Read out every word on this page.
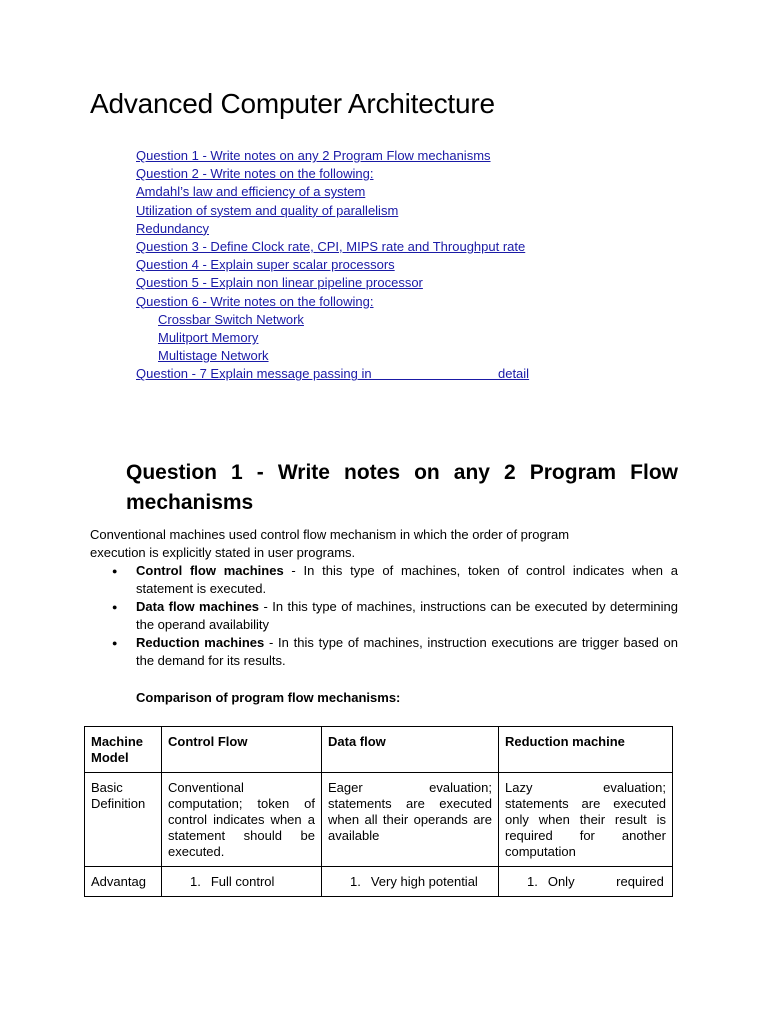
Advanced Computer Architecture
Question 1 - Write notes on any 2 Program Flow mechanisms
Question 2 - Write notes on the following:
Amdahl’s law and efficiency of a system
Utilization of system and quality of parallelism
Redundancy
Question 3 - Define Clock rate, CPI, MIPS rate and Throughput rate
Question 4 - Explain super scalar processors
Question 5 - Explain non linear pipeline processor
Question 6 - Write notes on the following:
Crossbar Switch Network
Mulitport Memory
Multistage Network
Question - 7 Explain message passing in                                   detail
Question 1 - Write notes on any 2 Program Flow mechanisms

Conventional machines used control flow mechanism in which the order of program execution is explicitly stated in user programs.

● Control flow machines - In this type of machines, token of control indicates when a statement is executed.
● Data flow machines - In this type of machines, instructions can be executed by determining the operand availability
● Reduction machines - In this type of machines, instruction executions are trigger based on the demand for its results.
Comparison of program flow mechanisms:
Machine Model	Control Flow	Data flow	Reduction machine
Basic Definition	Conventional computation; token of control indicates when a statement should be executed.	Eager evaluation; statements are executed when all their operands are available	Lazy evaluation; statements are executed only when their result is required for another computation
Advantag	1. Full control	1. Very high potential	1. Only required
